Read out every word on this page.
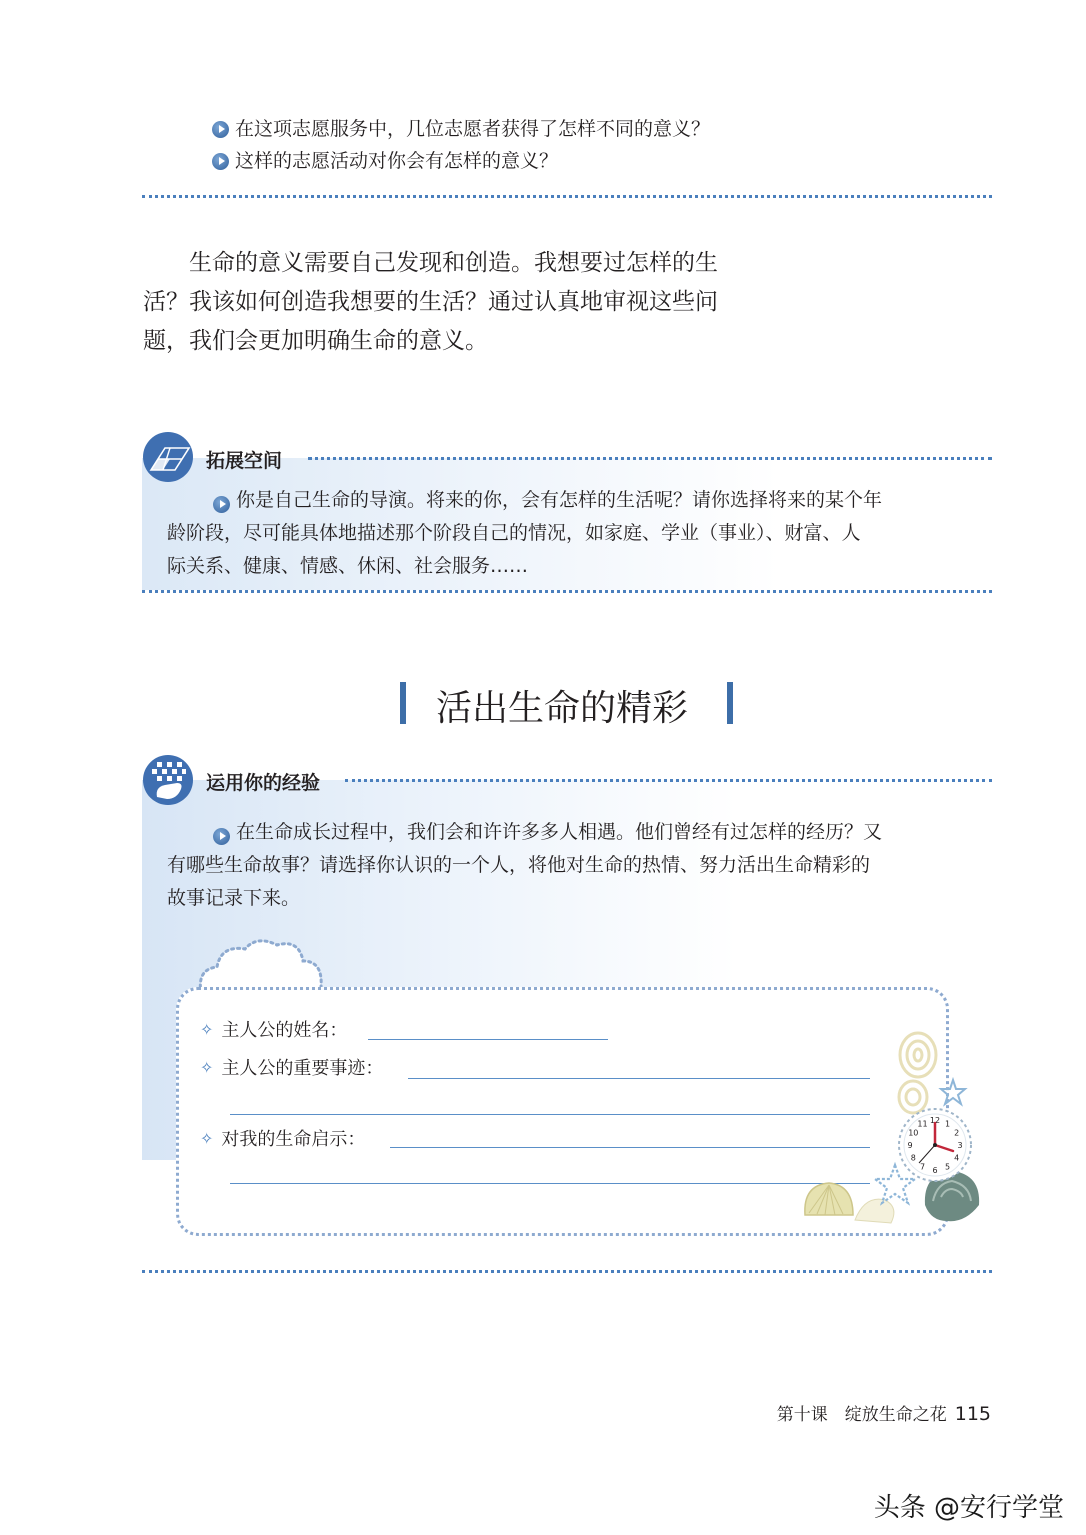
在这项志愿服务中，几位志愿者获得了怎样不同的意义？
这样的志愿活动对你会有怎样的意义？
生命的意义需要自己发现和创造。我想要过怎样的生
活？我该如何创造我想要的生活？通过认真地审视这些问
题，我们会更加明确生命的意义。
拓展空间
你是自己生命的导演。将来的你，会有怎样的生活呢？请你选择将来的某个年
龄阶段，尽可能具体地描述那个阶段自己的情况，如家庭、学业（事业）、财富、人
际关系、健康、情感、休闲、社会服务……
活出生命的精彩
运用你的经验
在生命成长过程中，我们会和许许多多人相遇。他们曾经有过怎样的经历？又
有哪些生命故事？请选择你认识的一个人，将他对生命的热情、努力活出生命精彩的
故事记录下来。
✧ 主人公的姓名：
✧ 主人公的重要事迹：
✧ 对我的生命启示：
12 1
2
3
4
5
6
7
8
9
10
11
第十课　绽放生命之花 115
头条 @安行学堂
